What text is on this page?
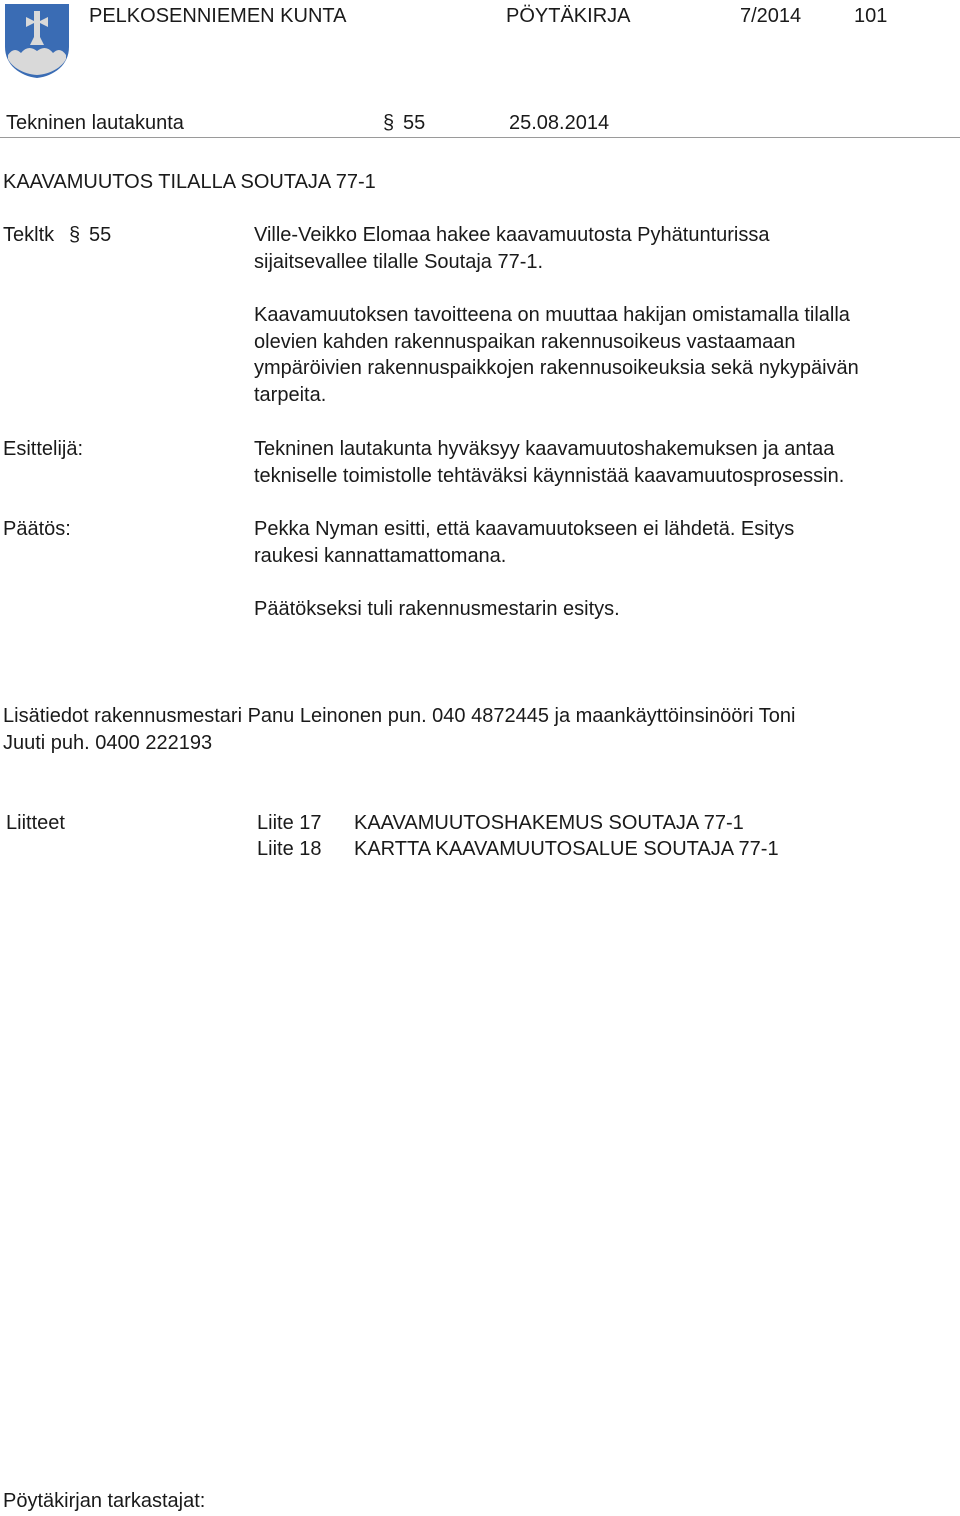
PELKOSENNIEMEN KUNTA	PÖYTÄKIRJA	7/2014	101
Tekninen lautakunta	§ 55	25.08.2014
KAAVAMUUTOS TILALLA SOUTAJA 77-1
Tekltk § 55	Ville-Veikko Elomaa hakee kaavamuutosta Pyhätunturissa
sijaitsevallee tilalle Soutaja 77-1.
Kaavamuutoksen tavoitteena on muuttaa hakijan omistamalla tilalla
olevien kahden rakennuspaikan rakennusoikeus vastaamaan
ympäröivien rakennuspaikkojen rakennusoikeuksia sekä nykypäivän
tarpeita.
Esittelijä:	Tekninen lautakunta hyväksyy kaavamuutoshakemuksen ja antaa
tekniselle toimistolle tehtäväksi käynnistää kaavamuutosprosessin.
Päätös:	Pekka Nyman esitti, että kaavamuutokseen ei lähdetä. Esitys
raukesi kannattamattomana.
Päätökseksi tuli rakennusmestarin esitys.
Lisätiedot rakennusmestari Panu Leinonen pun. 040 4872445 ja maankäyttöinsinööri Toni
Juuti puh. 0400 222193
Liitteet	Liite 17 KAAVAMUUTOSHAKEMUS SOUTAJA 77-1
Liite 18 KARTTA KAAVAMUUTOSALUE SOUTAJA 77-1
Pöytäkirjan tarkastajat:
